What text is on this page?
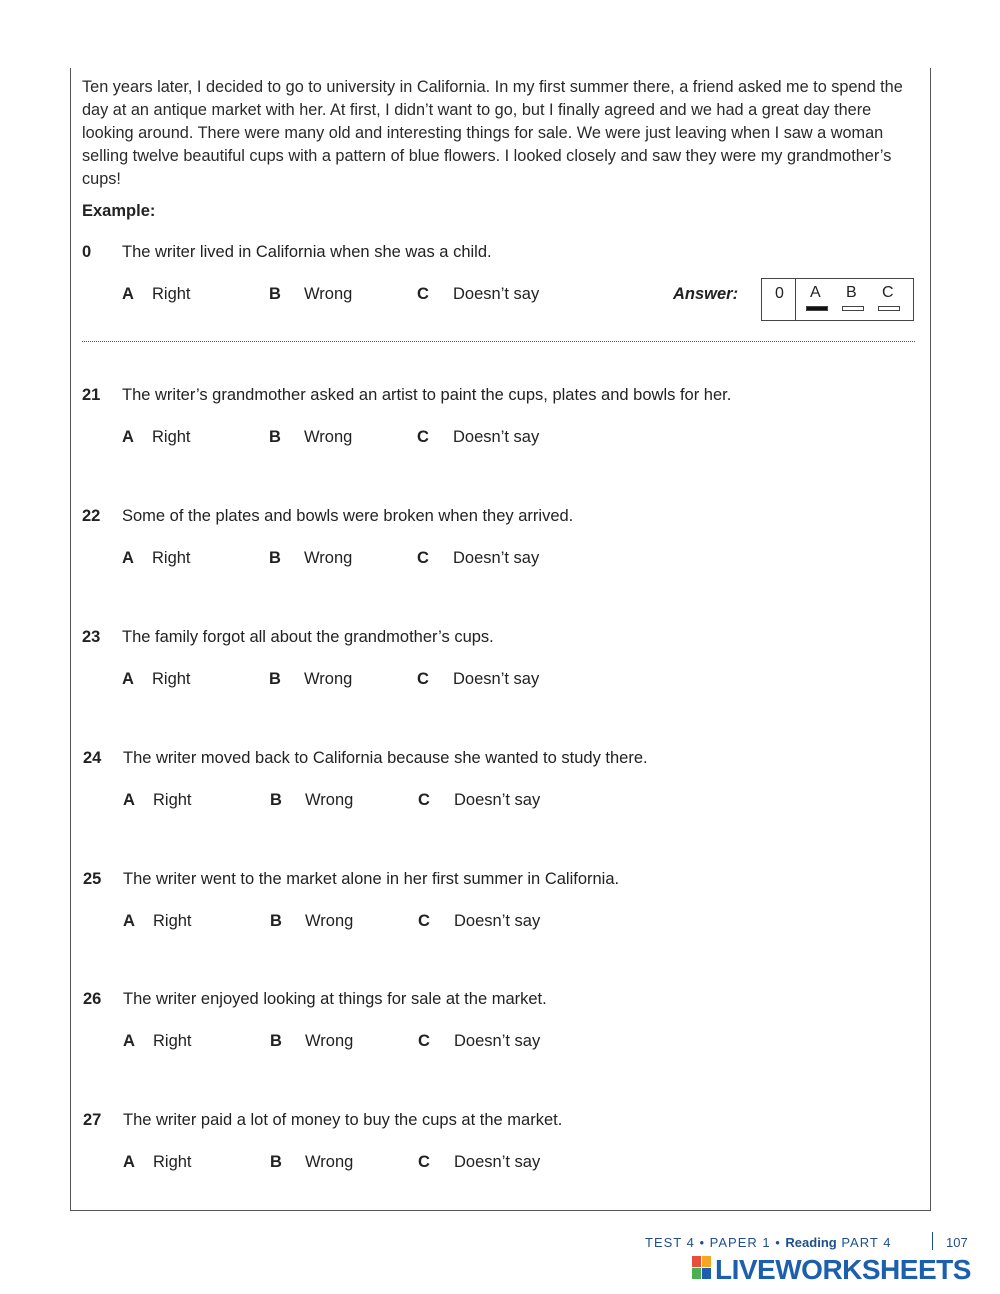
Ten years later, I decided to go to university in California. In my first summer there, a friend asked me to spend the day at an antique market with her. At first, I didn’t want to go, but I finally agreed and we had a great day there looking around. There were many old and interesting things for sale. We were just leaving when I saw a woman selling twelve beautiful cups with a pattern of blue flowers. I looked closely and saw they were my grandmother’s cups!
Example:
0 The writer lived in California when she was a child.
A Right	B Wrong	C Doesn’t say	Answer: 0 A B C
21 The writer’s grandmother asked an artist to paint the cups, plates and bowls for her.
A Right	B Wrong	C Doesn’t say
22 Some of the plates and bowls were broken when they arrived.
A Right	B Wrong	C Doesn’t say
23 The family forgot all about the grandmother’s cups.
A Right	B Wrong	C Doesn’t say
24 The writer moved back to California because she wanted to study there.
A Right	B Wrong	C Doesn’t say
25 The writer went to the market alone in her first summer in California.
A Right	B Wrong	C Doesn’t say
26 The writer enjoyed looking at things for sale at the market.
A Right	B Wrong	C Doesn’t say
27 The writer paid a lot of money to buy the cups at the market.
A Right	B Wrong	C Doesn’t say
TEST 4 • PAPER 1 • Reading PART 4	107
LIVEWORKSHEETS
